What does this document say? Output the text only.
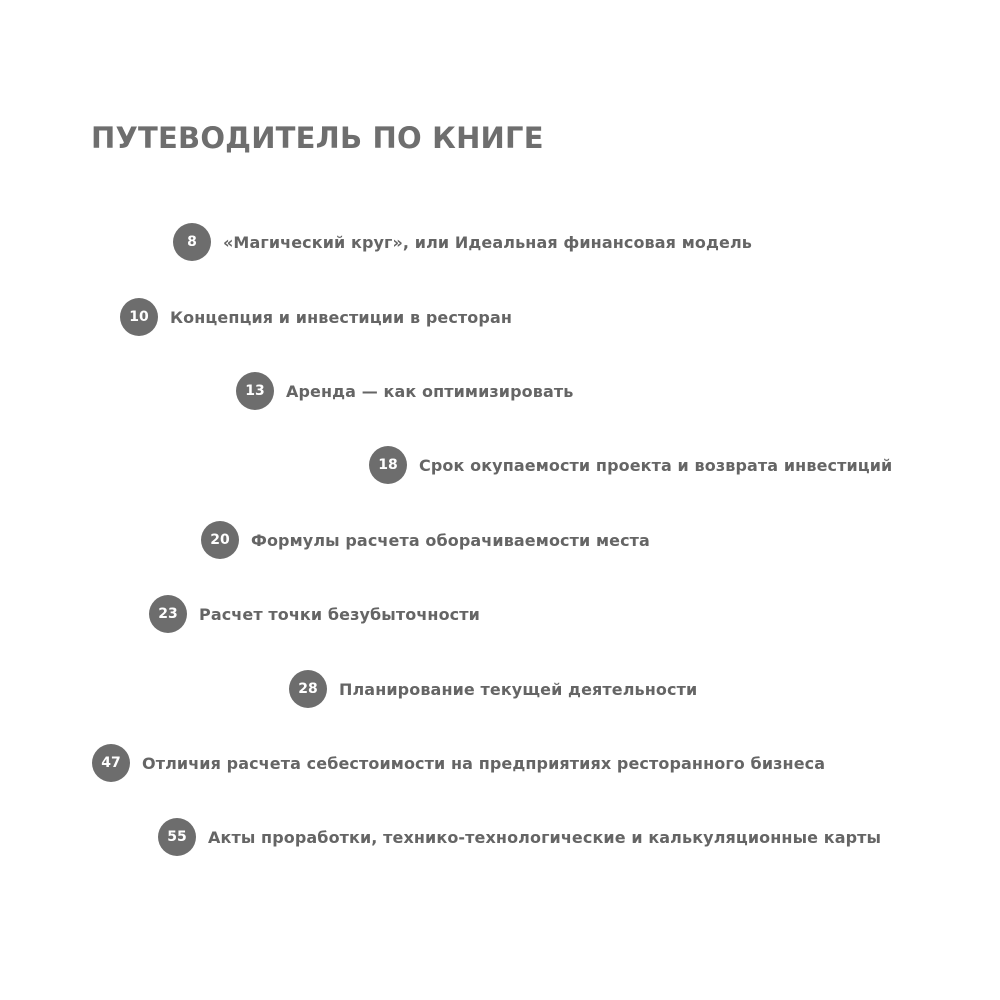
ПУТЕВОДИТЕЛЬ ПО КНИГЕ
8	«Магический круг», или Идеальная финансовая модель
10	Концепция и инвестиции в ресторан
13	Аренда — как оптимизировать
18	Срок окупаемости проекта и возврата инвестиций
20	Формулы расчета оборачиваемости места
23	Расчет точки безубыточности
28	Планирование текущей деятельности
47	Отличия расчета себестоимости на предприятиях ресторанного бизнеса
55	Акты проработки, технико-технологические и калькуляционные карты
